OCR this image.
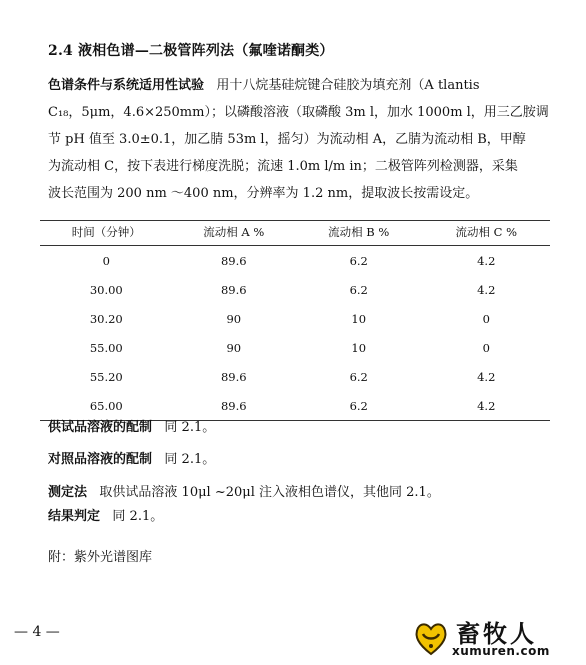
2.4 液相色谱—二极管阵列法（氟喹诺酮类）
色谱条件与系统适用性试验 用十八烷基硅烷键合硅胶为填充剂（A tlantis
C₁₈，5μm，4.6×250mm）；以磷酸溶液（取磷酸 3m l，加水 1000m l，用三乙胺调
节 pH 值至 3.0±0.1，加乙腈 53m l，摇匀）为流动相 A，乙腈为流动相 B，甲醇
为流动相 C，按下表进行梯度洗脱；流速 1.0m l/m in；二极管阵列检测器，采集
波长范围为 200 nm ～400 nm，分辨率为 1.2 nm，提取波长按需设定。
时间（分钟）	流动相 A %	流动相 B %	流动相 C %
0	89.6	6.2	4.2
30.00	89.6	6.2	4.2
30.20	90	10	0
55.00	90	10	0
55.20	89.6	6.2	4.2
65.00	89.6	6.2	4.2
供试品溶液的配制 同 2.1。
对照品溶液的配制 同 2.1。
测定法 取供试品溶液 10μl ~20μl 注入液相色谱仪，其他同 2.1。
结果判定 同 2.1。
附：紫外光谱图库
— 4 —	畜牧人
xumuren.com
